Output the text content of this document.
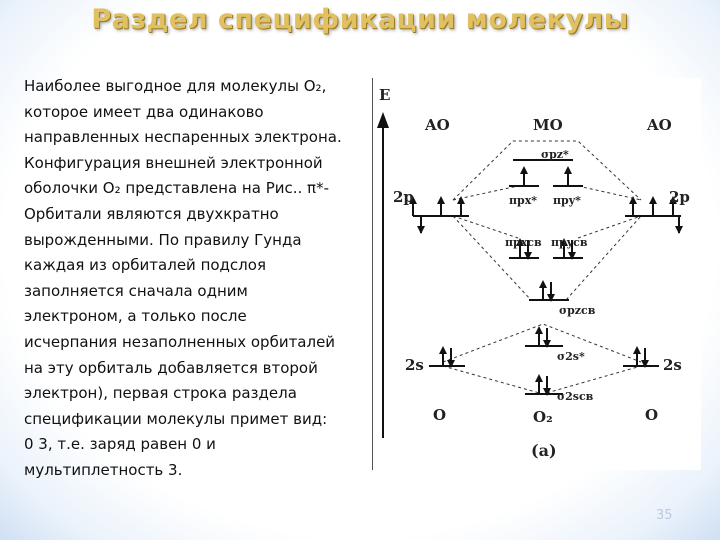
Раздел спецификации молекулы

Наиболее выгодное для молекулы O₂,

которое имеет два одинаково

направленных неспаренных электрона.

Конфигурация внешней электронной

оболочки O₂ представлена на Рис.. π*-

Орбитали являются двухкратно

вырожденными. По правилу Гунда

каждая из орбиталей подслоя

заполняется сначала одним

электроном, а только после

исчерпания незаполненных орбиталей

на эту орбиталь добавляется второй

электрон), первая строка раздела

спецификации молекулы примет вид:

0 3, т.е. заряд равен 0 и

мультиплетность 3.

E
AO	MO	AO
2p	2p
σpz*
πpx* πpy*
πpxсв πpyсв
σpzсв
2s	2s
σ2s*
σ2sсв
O	O₂	O
(a)
35
